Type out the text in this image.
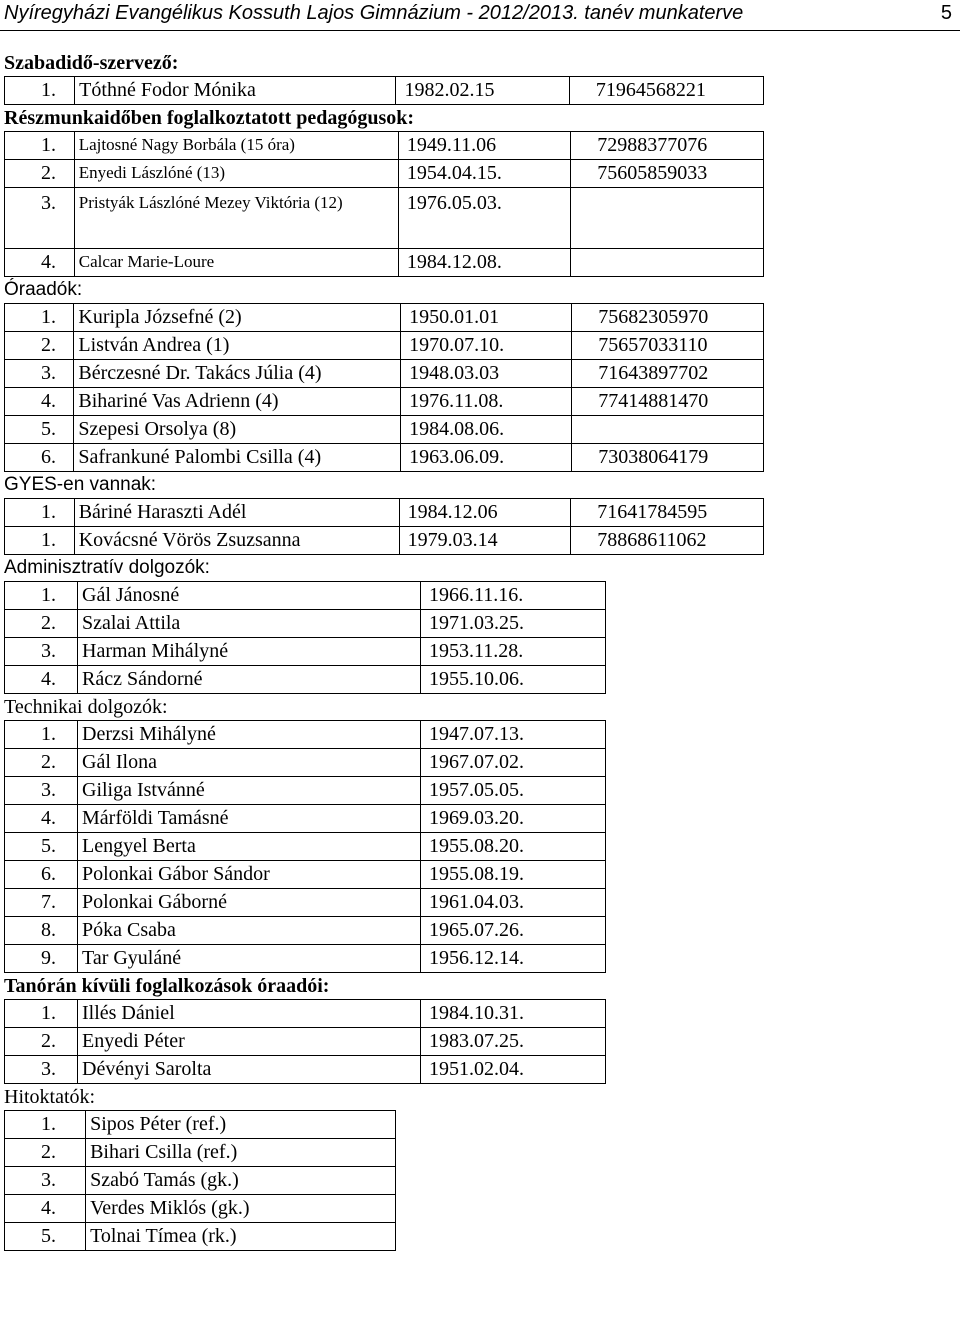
Nyíregyházi Evangélikus Kossuth Lajos Gimnázium - 2012/2013. tanév munkaterve	5
Szabadidő-szervező:
1.	Tóthné Fodor Mónika	1982.02.15	71964568221
Részmunkaidőben foglalkoztatott pedagógusok:
1.	Lajtosné Nagy Borbála (15 óra)	1949.11.06	72988377076
2.	Enyedi Lászlóné (13)	1954.04.15.	75605859033
3.	Pristyák Lászlóné Mezey Viktória (12)	1976.05.03.	
4.	Calcar Marie-Loure	1984.12.08.	
Óraadók:
1.	Kuripla Józsefné (2)	1950.01.01	75682305970
2.	Listván Andrea (1)	1970.07.10.	75657033110
3.	Bérczesné Dr. Takács Júlia (4)	1948.03.03	71643897702
4.	Bihariné Vas Adrienn (4)	1976.11.08.	77414881470
5.	Szepesi Orsolya (8)	1984.08.06.	
6.	Safrankuné Palombi Csilla (4)	1963.06.09.	73038064179
GYES-en vannak:
1.	Báriné Haraszti Adél	1984.12.06	71641784595
1.	Kovácsné Vörös Zsuzsanna	1979.03.14	78868611062
Adminisztratív dolgozók:
1.	Gál Jánosné	1966.11.16.
2.	Szalai Attila	1971.03.25.
3.	Harman Mihályné	1953.11.28.
4.	Rácz Sándorné	1955.10.06.
Technikai dolgozók:
1.	Derzsi Mihályné	1947.07.13.
2.	Gál Ilona	1967.07.02.
3.	Giliga Istvánné	1957.05.05.
4.	Márföldi Tamásné	1969.03.20.
5.	Lengyel Berta	1955.08.20.
6.	Polonkai Gábor Sándor	1955.08.19.
7.	Polonkai Gáborné	1961.04.03.
8.	Póka Csaba	1965.07.26.
9.	Tar Gyuláné	1956.12.14.
Tanórán kívüli foglalkozások óraadói:
1.	Illés Dániel	1984.10.31.
2.	Enyedi Péter	1983.07.25.
3.	Dévényi Sarolta	1951.02.04.
Hitoktatók:
1.	Sipos Péter (ref.)
2.	Bihari Csilla (ref.)
3.	Szabó Tamás (gk.)
4.	Verdes Miklós (gk.)
5.	Tolnai Tímea (rk.)
